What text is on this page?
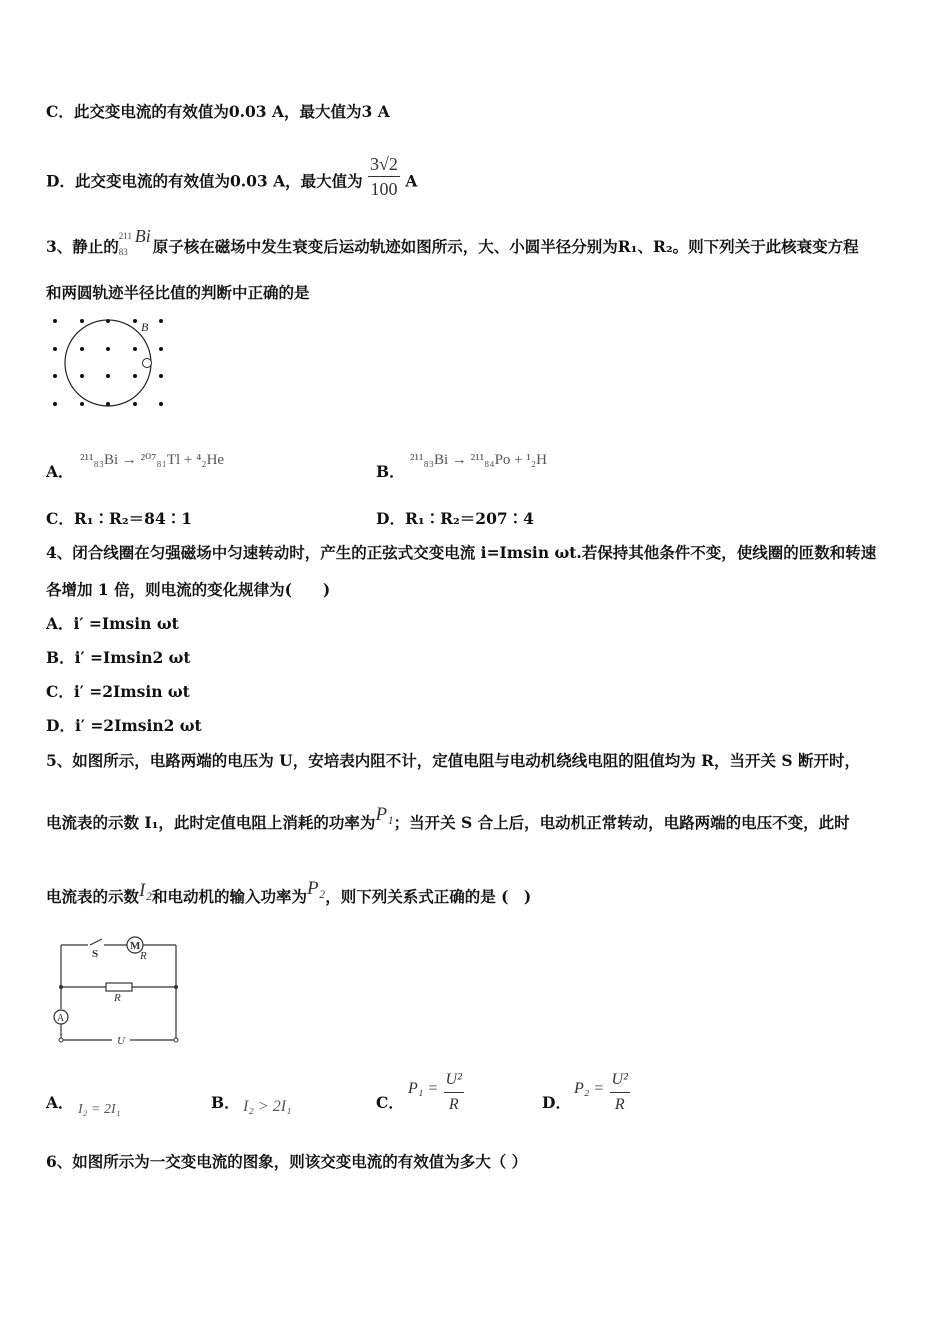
C．此交变电流的有效值为0.03 A，最大值为3 A
D．此交变电流的有效值为0.03 A，最大值为 $\frac{3√2}{100}$ A
3、静止的
211
83
Bi
原子核在磁场中发生衰变后运动轨迹如图所示，大、小圆半径分别为R₁、R₂。则下列关于此核衰变方程
和两圆轨迹半径比值的判断中正确的是
B
A．
²¹¹₈₃Bi → ²⁰⁷₈₁Tl + ⁴₂He
B．
²¹¹₈₃Bi → ²¹¹₈₄Po + ¹₂H
C．R₁∶R₂＝84∶1	D．R₁∶R₂＝207∶4
4、闭合线圈在匀强磁场中匀速转动时，产生的正弦式交变电流 i=Imsin ωt.若保持其他条件不变，使线圈的匝数和转速
各增加 1 倍，则电流的变化规律为(　　)
A．i′ =Imsin ωt
B．i′ =Imsin2 ωt
C．i′ =2Imsin ωt
D．i′ =2Imsin2 ωt
5、如图所示，电路两端的电压为 U，安培表内阻不计，定值电阻与电动机绕线电阻的阻值均为 R，当开关 S 断开时，
电流表的示数 I₁，此时定值电阻上消耗的功率为P₁；当开关 S 合上后，电动机正常转动，电路两端的电压不变，此时
电流表的示数I₂和电动机的输入功率为P₂，则下列关系式正确的是 (　)
S
M
R
R
A
U
A． I₂ = 2I₁	B． I₂ > 2I₁	C．
$P_1 = \frac{\text{U²}}{R}$	D．
$P_2 = \frac{\text{U²}}{R}$
6、如图所示为一交变电流的图象，则该交变电流的有效值为多大（ ）
